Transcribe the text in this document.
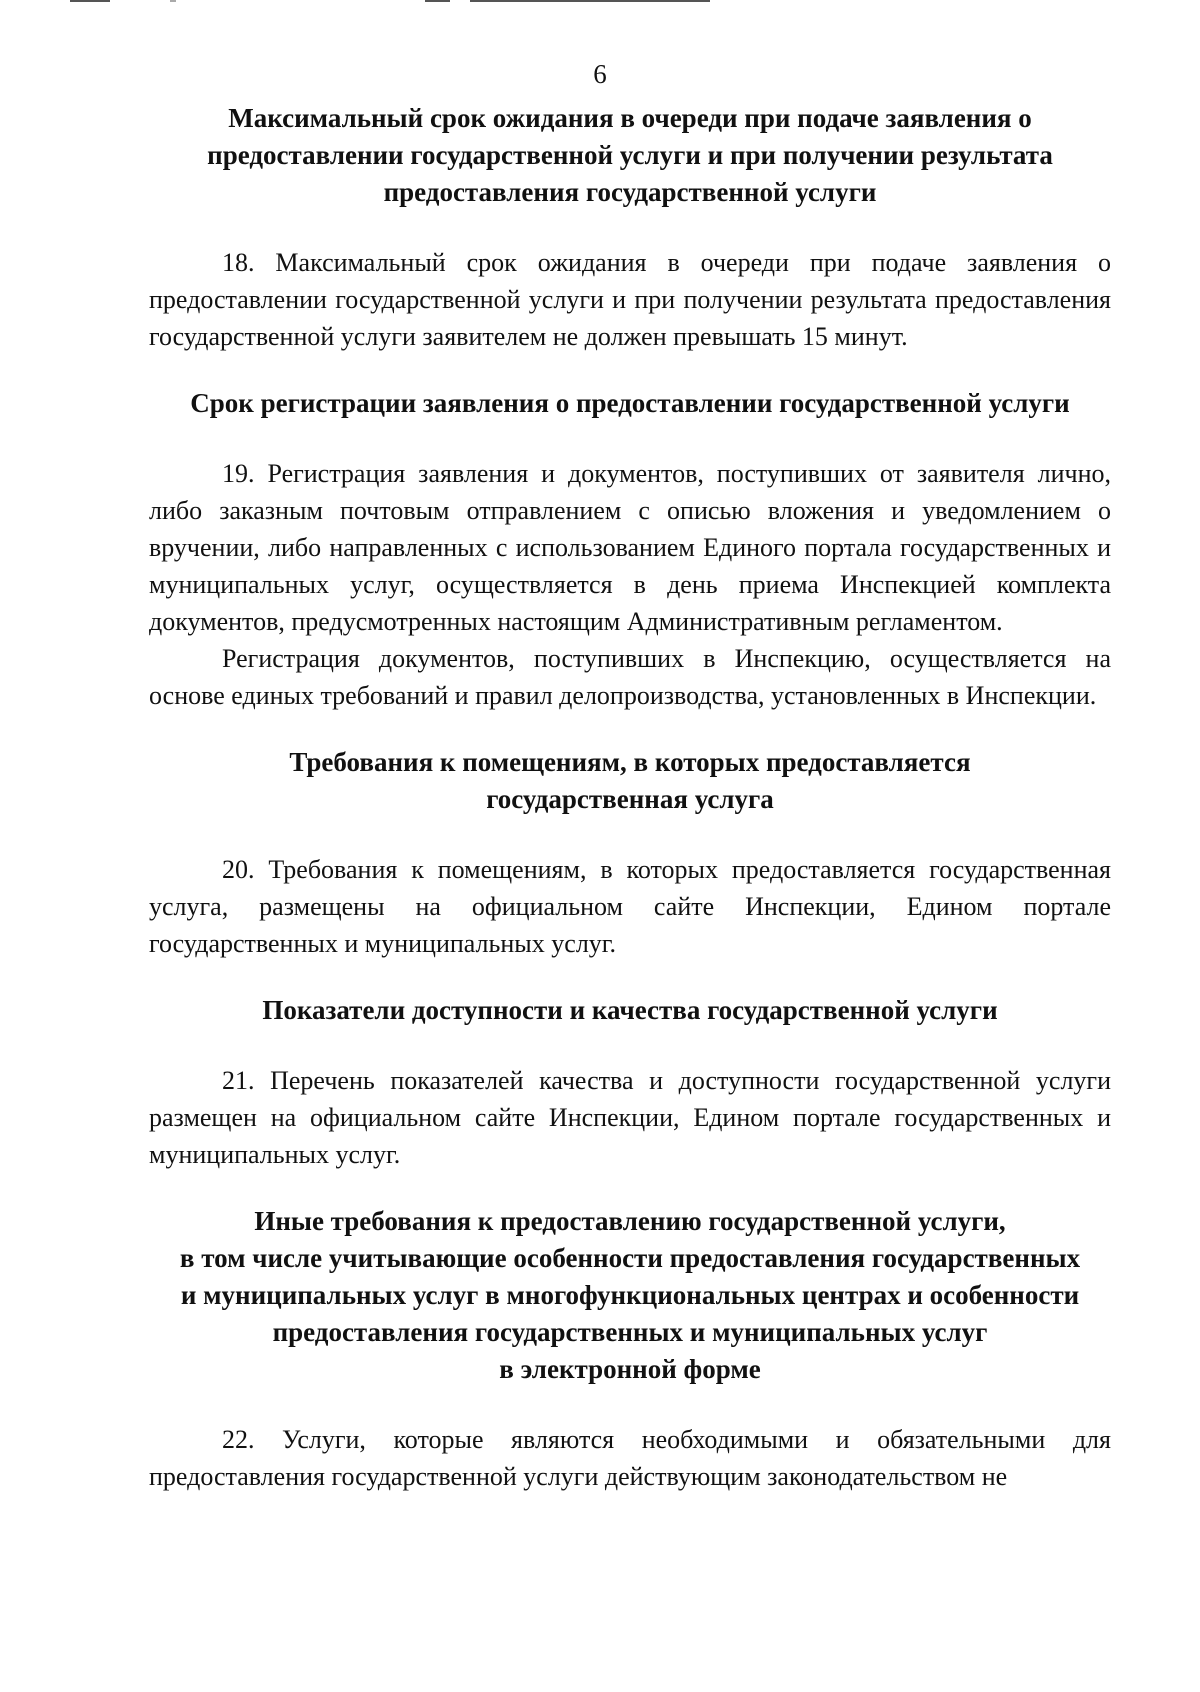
6
Максимальный срок ожидания в очереди при подаче заявления о
предоставлении государственной услуги и при получении результата
предоставления государственной услуги

18. Максимальный срок ожидания в очереди при подаче заявления о предоставлении государственной услуги и при получении результата предоставления государственной услуги заявителем не должен превышать 15 минут.

Срок регистрации заявления о предоставлении государственной услуги

19. Регистрация заявления и документов, поступивших от заявителя лично, либо заказным почтовым отправлением с описью вложения и уведомлением о вручении, либо направленных с использованием Единого портала государственных и муниципальных услуг, осуществляется в день приема Инспекцией комплекта документов, предусмотренных настоящим Административным регламентом.

Регистрация документов, поступивших в Инспекцию, осуществляется на основе единых требований и правил делопроизводства, установленных в Инспекции.

Требования к помещениям, в которых предоставляется
государственная услуга

20. Требования к помещениям, в которых предоставляется государственная услуга, размещены на официальном сайте Инспекции, Едином портале государственных и муниципальных услуг.

Показатели доступности и качества государственной услуги

21. Перечень показателей качества и доступности государственной услуги размещен на официальном сайте Инспекции, Едином портале государственных и муниципальных услуг.

Иные требования к предоставлению государственной услуги,
в том числе учитывающие особенности предоставления государственных
и муниципальных услуг в многофункциональных центрах и особенности
предоставления государственных и муниципальных услуг
в электронной форме

22. Услуги, которые являются необходимыми и обязательными для предоставления государственной услуги действующим законодательством не
